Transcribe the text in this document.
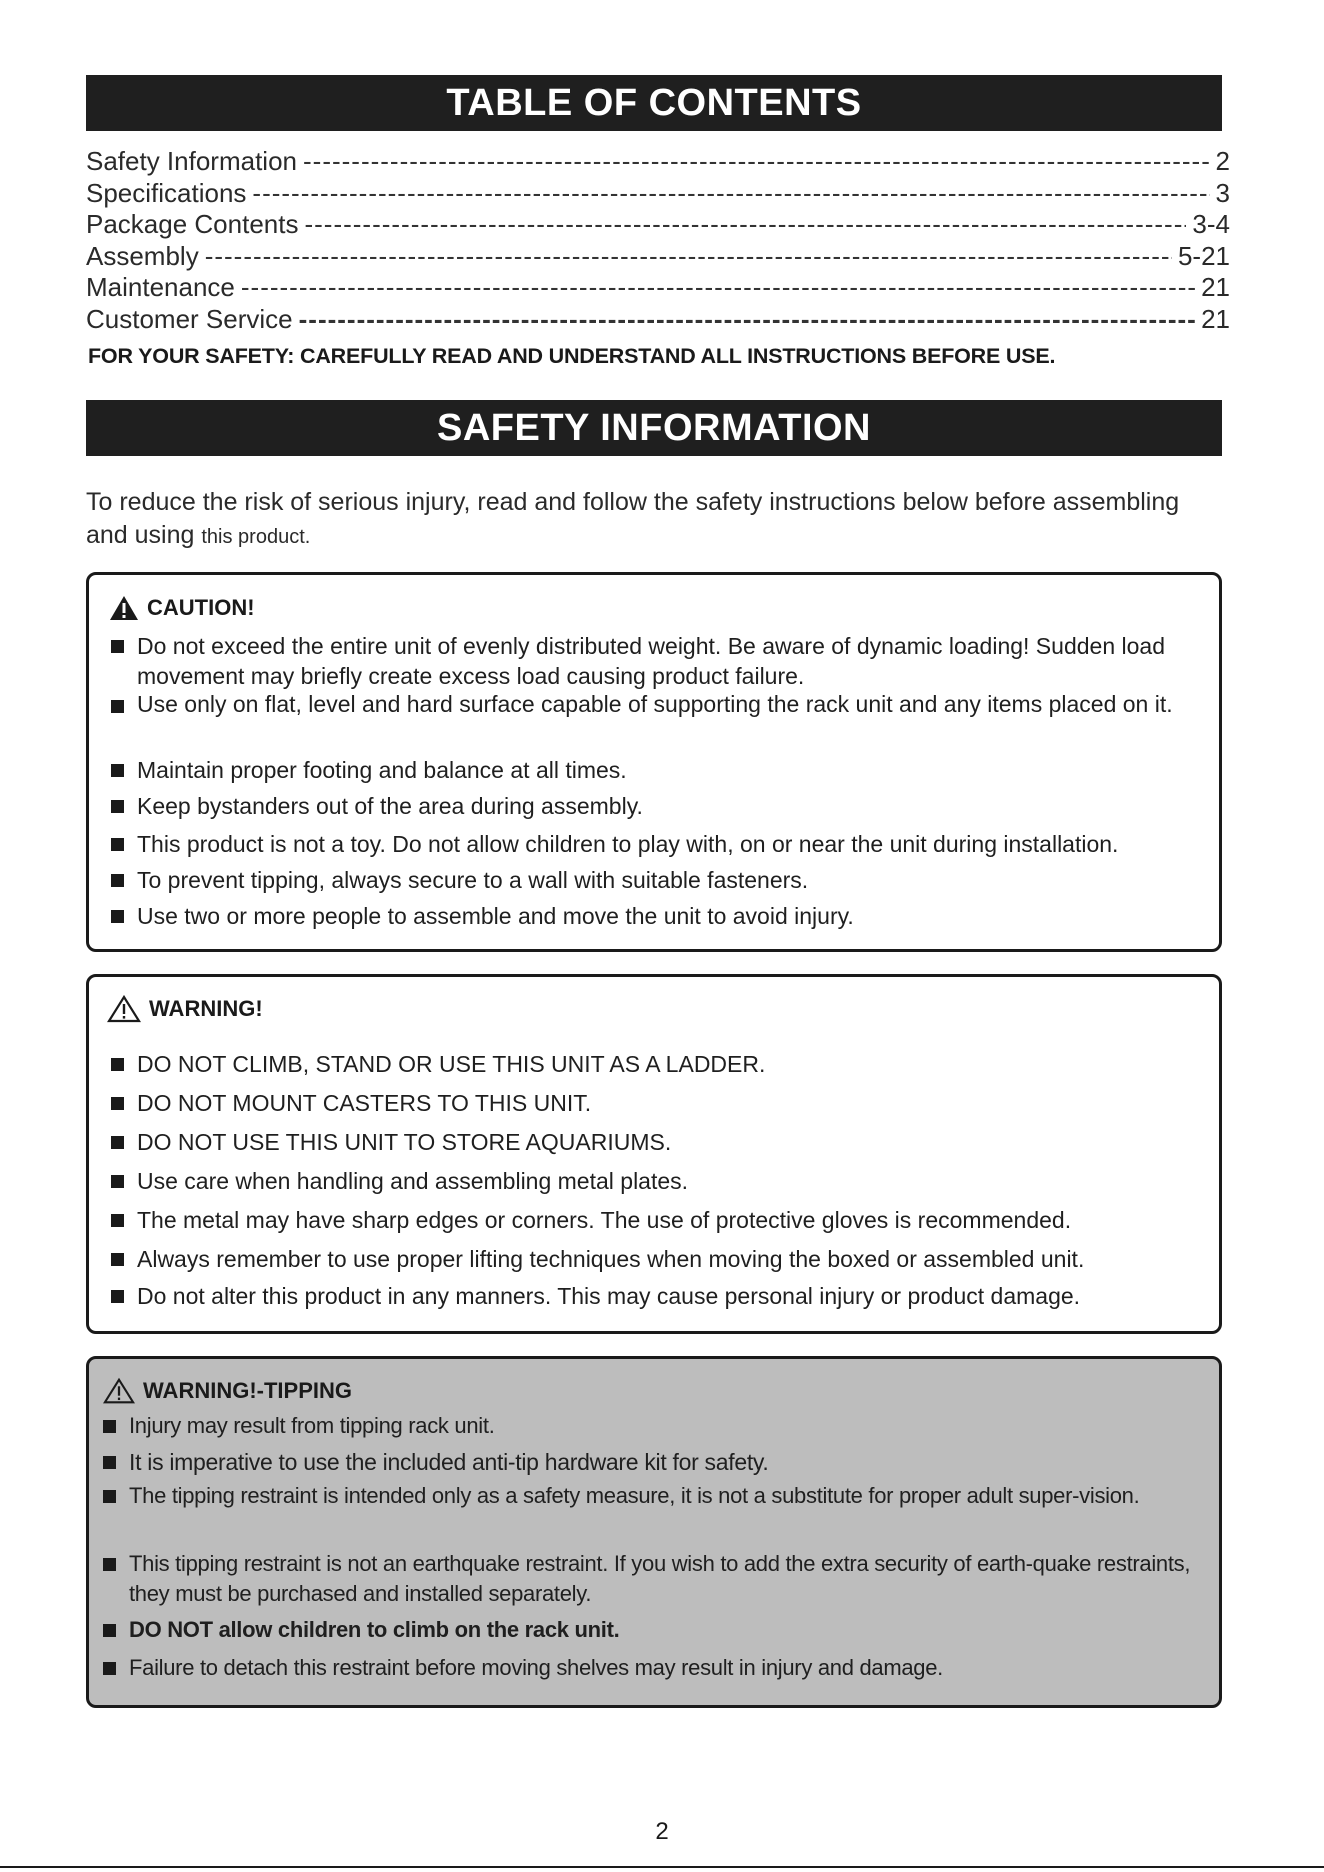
TABLE OF CONTENTS
Safety Information -----	2
Specifications -----	3
Package Contents -----	3-4
Assembly -----	5-21
Maintenance -----	21
Customer Service -----	21
FOR YOUR SAFETY: CAREFULLY READ AND UNDERSTAND ALL INSTRUCTIONS BEFORE USE.
SAFETY INFORMATION
To reduce the risk of serious injury, read and follow the safety instructions below before assembling and using this product.
CAUTION!
Do not exceed the entire unit of evenly distributed weight. Be aware of dynamic loading! Sudden load movement may briefly create excess load causing product failure.
Use only on flat, level and hard surface capable of supporting the rack unit and any items placed on it.
Maintain proper footing and balance at all times.
Keep bystanders out of the area during assembly.
This product is not a toy. Do not allow children to play with, on or near the unit during installation.
To prevent tipping, always secure to a wall with suitable fasteners.
Use two or more people to assemble and move the unit to avoid injury.
WARNING!
DO NOT CLIMB, STAND OR USE THIS UNIT AS A LADDER.
DO NOT MOUNT CASTERS TO THIS UNIT.
DO NOT USE THIS UNIT TO STORE AQUARIUMS.
Use care when handling and assembling metal plates.
The metal may have sharp edges or corners. The use of protective gloves is recommended.
Always remember to use proper lifting techniques when moving the boxed or assembled unit.
Do not alter this product in any manners. This may cause personal injury or product damage.
WARNING!-TIPPING
Injury may result from tipping rack unit.
It is imperative to use the included anti-tip hardware kit for safety.
The tipping restraint is intended only as a safety measure, it is not a substitute for proper adult super-vision.
This tipping restraint is not an earthquake restraint. If you wish to add the extra security of earth-quake restraints, they must be purchased and installed separately.
DO NOT allow children to climb on the rack unit.
Failure to detach this restraint before moving shelves may result in injury and damage.
2
